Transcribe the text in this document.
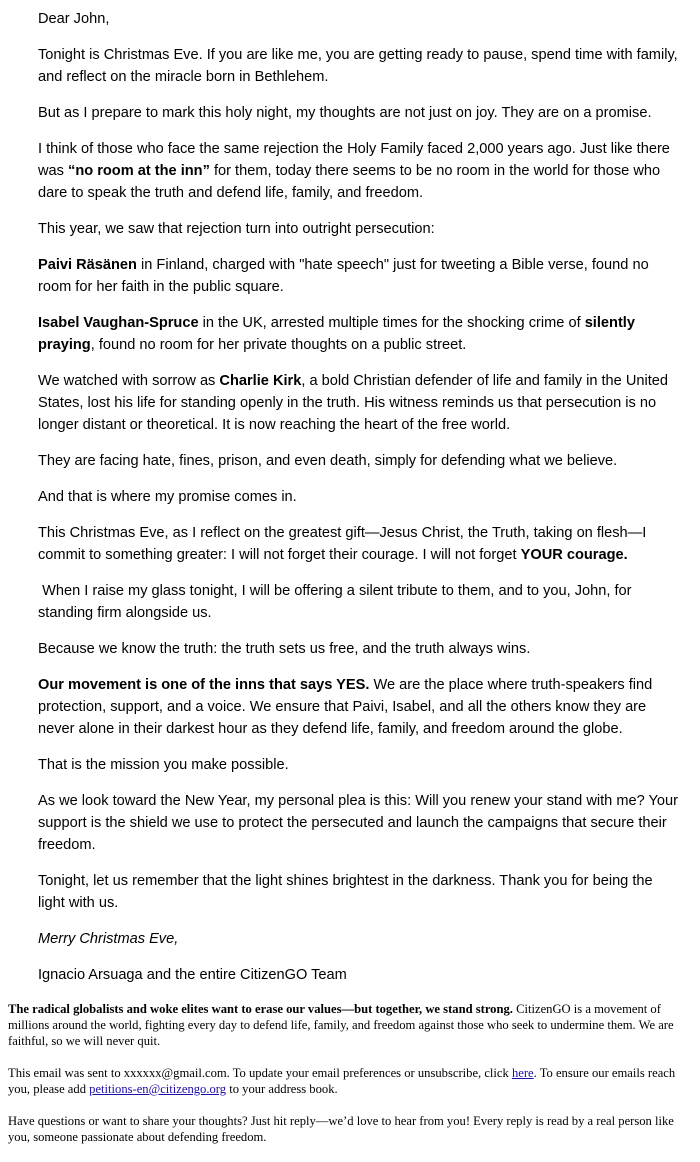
Dear John,

Tonight is Christmas Eve. If you are like me, you are getting ready to pause, spend time with family, and reflect on the miracle born in Bethlehem.

But as I prepare to mark this holy night, my thoughts are not just on joy. They are on a promise.

I think of those who face the same rejection the Holy Family faced 2,000 years ago. Just like there was “no room at the inn” for them, today there seems to be no room in the world for those who dare to speak the truth and defend life, family, and freedom.

This year, we saw that rejection turn into outright persecution:

Paivi Räsänen in Finland, charged with "hate speech" just for tweeting a Bible verse, found no room for her faith in the public square.

Isabel Vaughan-Spruce in the UK, arrested multiple times for the shocking crime of silently praying, found no room for her private thoughts on a public street.

We watched with sorrow as Charlie Kirk, a bold Christian defender of life and family in the United States, lost his life for standing openly in the truth. His witness reminds us that persecution is no longer distant or theoretical. It is now reaching the heart of the free world.

They are facing hate, fines, prison, and even death, simply for defending what we believe.

And that is where my promise comes in.

This Christmas Eve, as I reflect on the greatest gift—Jesus Christ, the Truth, taking on flesh—I commit to something greater: I will not forget their courage. I will not forget YOUR courage.

When I raise my glass tonight, I will be offering a silent tribute to them, and to you, John, for standing firm alongside us.

Because we know the truth: the truth sets us free, and the truth always wins.

Our movement is one of the inns that says YES. We are the place where truth-speakers find protection, support, and a voice. We ensure that Paivi, Isabel, and all the others know they are never alone in their darkest hour as they defend life, family, and freedom around the globe.

That is the mission you make possible.

As we look toward the New Year, my personal plea is this: Will you renew your stand with me? Your support is the shield we use to protect the persecuted and launch the campaigns that secure their freedom.

Tonight, let us remember that the light shines brightest in the darkness. Thank you for being the light with us.

Merry Christmas Eve,

Ignacio Arsuaga and the entire CitizenGO Team

The radical globalists and woke elites want to erase our values—but together, we stand strong. CitizenGO is a movement of millions around the world, fighting every day to defend life, family, and freedom against those who seek to undermine them. We are faithful, so we will never quit.

This email was sent to xxxxxx@gmail.com. To update your email preferences or unsubscribe, click here. To ensure our emails reach you, please add petitions-en@citizengo.org to your address book.

Have questions or want to share your thoughts? Just hit reply—we’d love to hear from you! Every reply is read by a real person like you, someone passionate about defending freedom.
